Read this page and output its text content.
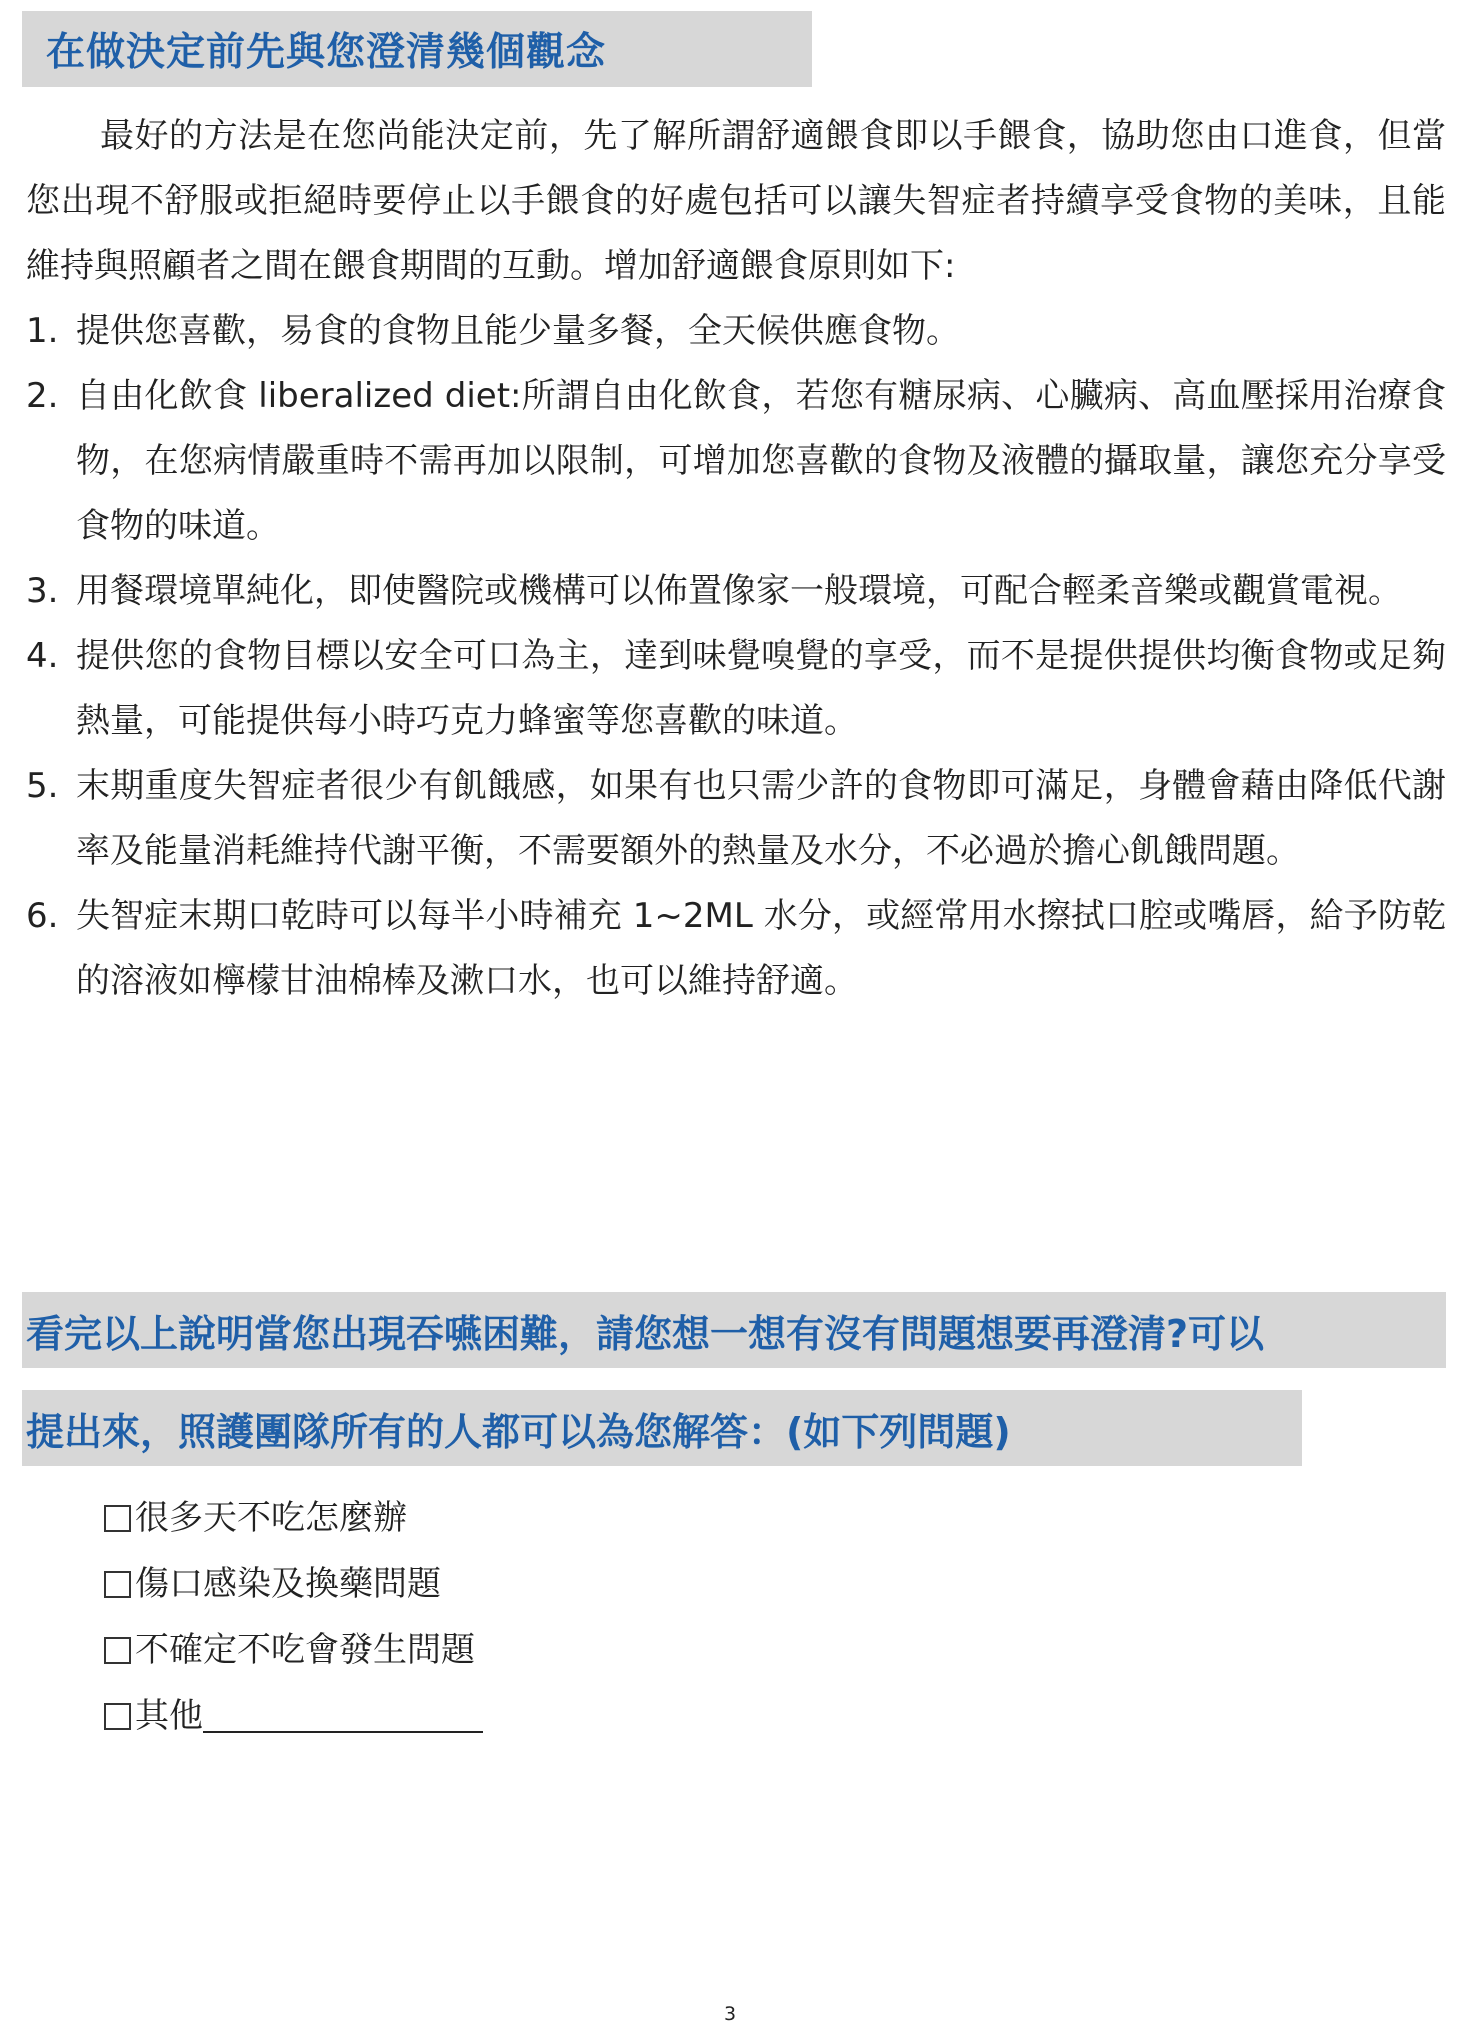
在做決定前先與您澄清幾個觀念

最好的方法是在您尚能決定前，先了解所謂舒適餵食即以手餵食，協助您由口進食，但當您出現不舒服或拒絕時要停止以手餵食的好處包括可以讓失智症者持續享受食物的美味，且能維持與照顧者之間在餵食期間的互動。增加舒適餵食原則如下:

1. 提供您喜歡，易食的食物且能少量多餐，全天候供應食物。
2. 自由化飲食 liberalized diet:所謂自由化飲食，若您有糖尿病、心臟病、高血壓採用治療食物，在您病情嚴重時不需再加以限制，可增加您喜歡的食物及液體的攝取量，讓您充分享受食物的味道。
3. 用餐環境單純化，即使醫院或機構可以佈置像家一般環境，可配合輕柔音樂或觀賞電視。
4. 提供您的食物目標以安全可口為主，達到味覺嗅覺的享受，而不是提供提供均衡食物或足夠熱量，可能提供每小時巧克力蜂蜜等您喜歡的味道。
5. 末期重度失智症者很少有飢餓感，如果有也只需少許的食物即可滿足，身體會藉由降低代謝率及能量消耗維持代謝平衡，不需要額外的熱量及水分，不必過於擔心飢餓問題。
6. 失智症末期口乾時可以每半小時補充 1~2ML 水分，或經常用水擦拭口腔或嘴唇，給予防乾的溶液如檸檬甘油棉棒及漱口水，也可以維持舒適。
看完以上說明當您出現吞嚥困難，請您想一想有沒有問題想要再澄清?可以
提出來，照護團隊所有的人都可以為您解答：(如下列問題)
很多天不吃怎麼辦
傷口感染及換藥問題
不確定不吃會發生問題
其他
3
